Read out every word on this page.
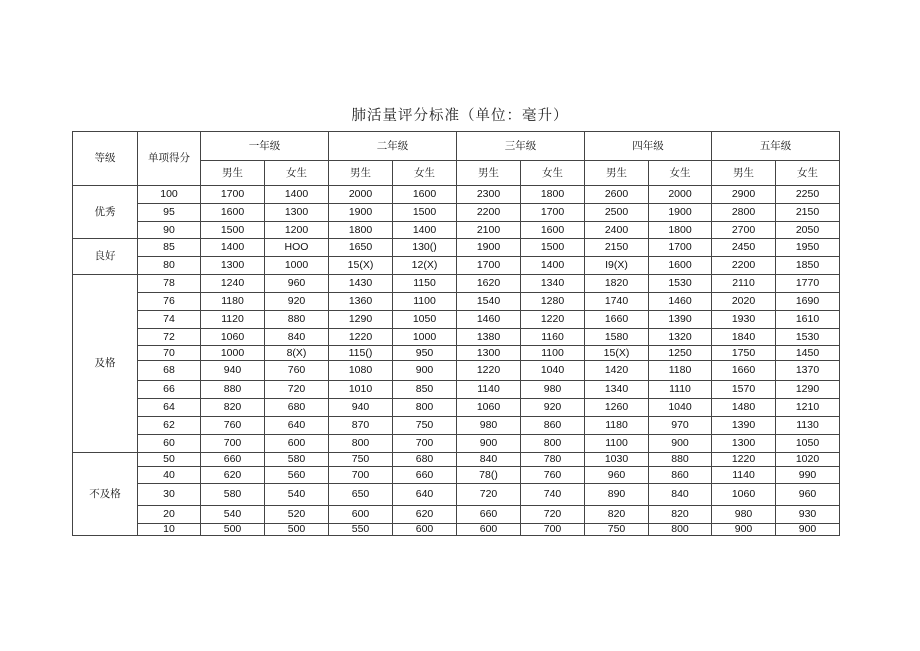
肺活量评分标准（单位：毫升）
等级	单项得分	一年级		二年级		三年级		四年级		五年级	
		男生	女生	男生	女生	男生	女生	男生	女生	男生	女生
优秀	100	1700	1400	2000	1600	2300	1800	2600	2000	2900	2250
	95	1600	1300	1900	1500	2200	1700	2500	1900	2800	2150
	90	1500	1200	1800	1400	2100	1600	2400	1800	2700	2050
良好	85	1400	HOO	1650	130()	1900	1500	2150	1700	2450	1950
	80	1300	1000	15(X)	12(X)	1700	1400	I9(X)	1600	2200	1850
及格	78	1240	960	1430	1150	1620	1340	1820	1530	2110	1770
	76	1180	920	1360	1100	1540	1280	1740	1460	2020	1690
	74	1120	880	1290	1050	1460	1220	1660	1390	1930	1610
	72	1060	840	1220	1000	1380	1160	1580	1320	1840	1530
	70	1000	8(X)	115()	950	1300	1100	15(X)	1250	1750	1450
	68	940	760	1080	900	1220	1040	1420	1180	1660	1370
	66	880	720	1010	850	1140	980	1340	1110	1570	1290
	64	820	680	940	800	1060	920	1260	1040	1480	1210
	62	760	640	870	750	980	860	1180	970	1390	1130
	60	700	600	800	700	900	800	1100	900	1300	1050
不及格	50	660	580	750	680	840	780	1030	880	1220	1020
	40	620	560	700	660	78()	760	960	860	1140	990
	30	580	540	650	640	720	740	890	840	1060	960
	20	540	520	600	620	660	720	820	820	980	930
	10	500	500	550	600	600	700	750	800	900	900
